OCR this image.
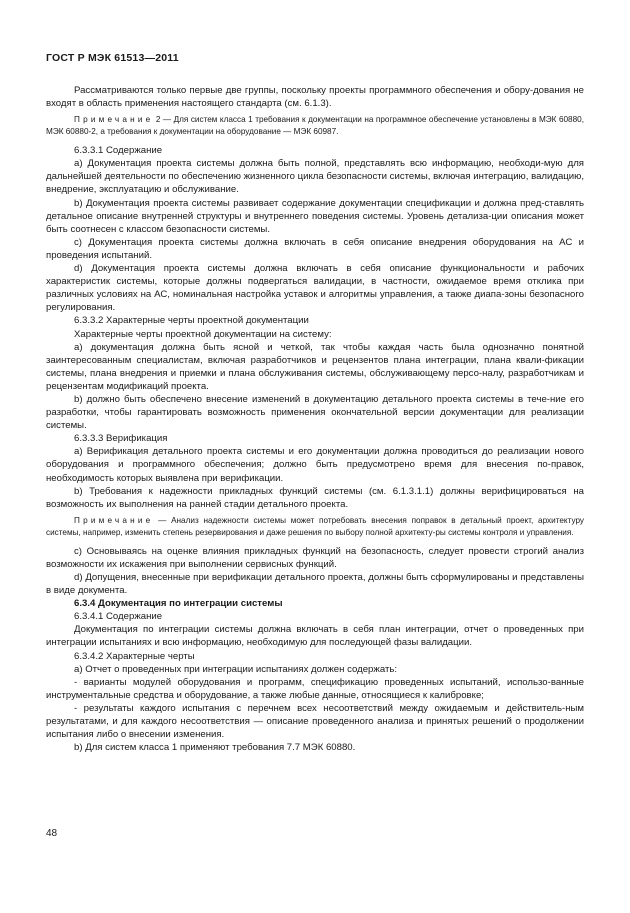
ГОСТ Р МЭК 61513—2011

Рассматриваются только первые две группы, поскольку проекты программного обеспечения и обору-дования не входят в область применения настоящего стандарта (см. 6.1.3).

Примечание 2 — Для систем класса 1 требования к документации на программное обеспечение установлены в МЭК 60880, МЭК 60880-2, а требования к документации на оборудование — МЭК 60987.

6.3.3.1 Содержание

а) Документация проекта системы должна быть полной, представлять всю информацию, необходи-мую для дальнейшей деятельности по обеспечению жизненного цикла безопасности системы, включая интеграцию, валидацию, внедрение, эксплуатацию и обслуживание.

b) Документация проекта системы развивает содержание документации спецификации и должна пред-ставлять детальное описание внутренней структуры и внутреннего поведения системы. Уровень детализа-ции описания может быть соотнесен с классом безопасности системы.

c) Документация проекта системы должна включать в себя описание внедрения оборудования на АС и проведения испытаний.

d) Документация проекта системы должна включать в себя описание функциональности и рабочих характеристик системы, которые должны подвергаться валидации, в частности, ожидаемое время отклика при различных условиях на АС, номинальная настройка уставок и алгоритмы управления, а также диапа-зоны безопасного регулирования.

6.3.3.2 Характерные черты проектной документации

Характерные черты проектной документации на систему:

а) документация должна быть ясной и четкой, так чтобы каждая часть была однозначно понятной заинтересованным специалистам, включая разработчиков и рецензентов плана интеграции, плана квали-фикации системы, плана внедрения и приемки и плана обслуживания системы, обслуживающему персо-налу, разработчикам и рецензентам модификаций проекта.

b) должно быть обеспечено внесение изменений в документацию детального проекта системы в тече-ние его разработки, чтобы гарантировать возможность применения окончательной версии документации для реализации системы.

6.3.3.3 Верификация

а) Верификация детального проекта системы и его документации должна проводиться до реализации нового оборудования и программного обеспечения; должно быть предусмотрено время для внесения по-правок, необходимость которых выявлена при верификации.

b) Требования к надежности прикладных функций системы (см. 6.1.3.1.1) должны верифицироваться на возможность их выполнения на ранней стадии детального проекта.

Примечание — Анализ надежности системы может потребовать внесения поправок в детальный проект, архитектуру системы, например, изменить степень резервирования и даже решения по выбору полной архитекту-ры системы контроля и управления.

c) Основываясь на оценке влияния прикладных функций на безопасность, следует провести строгий анализ возможности их искажения при выполнении сервисных функций.

d) Допущения, внесенные при верификации детального проекта, должны быть сформулированы и представлены в виде документа.

6.3.4 Документация по интеграции системы

6.3.4.1 Содержание

Документация по интеграции системы должна включать в себя план интеграции, отчет о проведенных при интеграции испытаниях и всю информацию, необходимую для последующей фазы валидации.

6.3.4.2 Характерные черты

а) Отчет о проведенных при интеграции испытаниях должен содержать:

- варианты модулей оборудования и программ, спецификацию проведенных испытаний, использо-ванные инструментальные средства и оборудование, а также любые данные, относящиеся к калибровке;

- результаты каждого испытания с перечнем всех несоответствий между ожидаемым и действитель-ным результатами, и для каждого несоответствия — описание проведенного анализа и принятых решений о продолжении испытания либо о внесении изменения.

b) Для систем класса 1 применяют требования 7.7 МЭК 60880.

48
